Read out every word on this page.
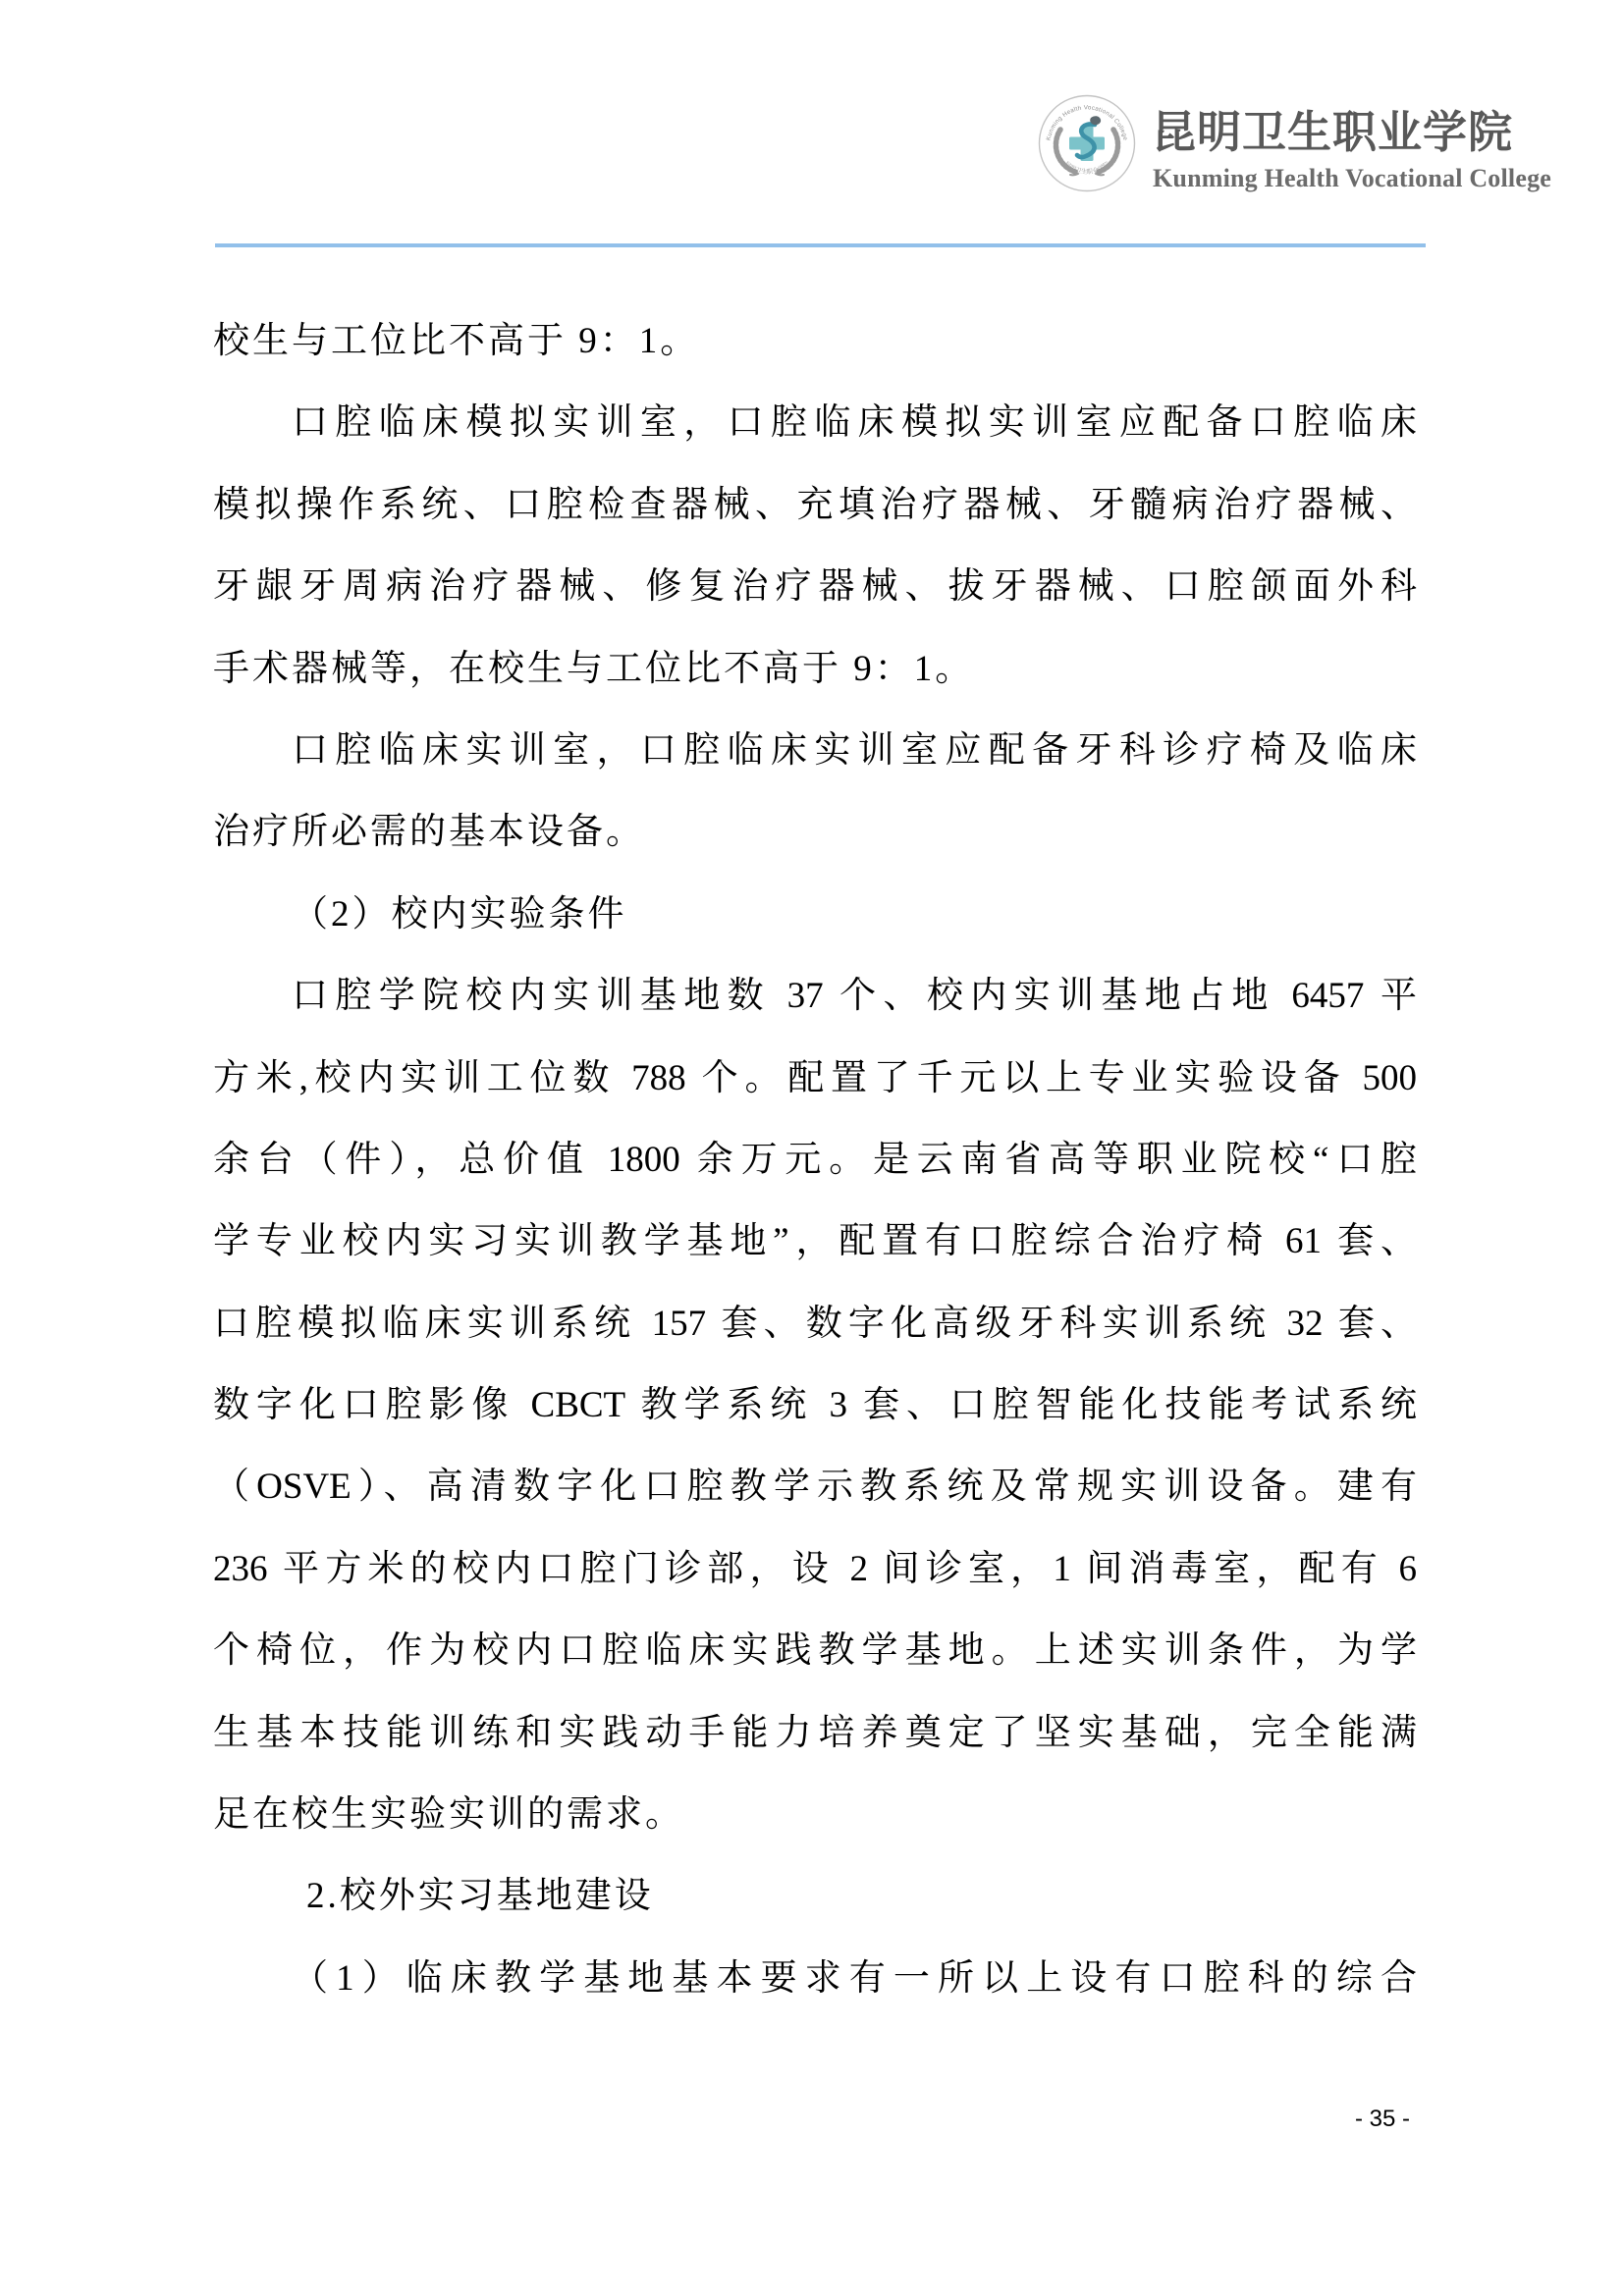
Kunming Health Vocational College
昆明卫生职业学院
昆明卫生职业学院
Kunming Health Vocational College
校生与工位比不高于 9：1。
口腔临床模拟实训室，口腔临床模拟实训室应配备口腔临床
模拟操作系统、口腔检查器械、充填治疗器械、牙髓病治疗器械、
牙龈牙周病治疗器械、修复治疗器械、拔牙器械、口腔颌面外科
手术器械等，在校生与工位比不高于 9：1。
口腔临床实训室，口腔临床实训室应配备牙科诊疗椅及临床
治疗所必需的基本设备。
（2）校内实验条件
口腔学院校内实训基地数 37 个、校内实训基地占地 6457 平
方米,校内实训工位数 788 个。配置了千元以上专业实验设备 500
余台（件），总价值 1800 余万元。是云南省高等职业院校“口腔
学专业校内实习实训教学基地”，配置有口腔综合治疗椅 61 套、
口腔模拟临床实训系统 157 套、数字化高级牙科实训系统 32 套、
数字化口腔影像 CBCT 教学系统 3 套、口腔智能化技能考试系统
（OSVE）、高清数字化口腔教学示教系统及常规实训设备。建有
236 平方米的校内口腔门诊部，设 2 间诊室，1 间消毒室，配有 6
个椅位，作为校内口腔临床实践教学基地。上述实训条件，为学
生基本技能训练和实践动手能力培养奠定了坚实基础，完全能满
足在校生实验实训的需求。
2.校外实习基地建设
（1）临床教学基地基本要求有一所以上设有口腔科的综合
- 35 -
